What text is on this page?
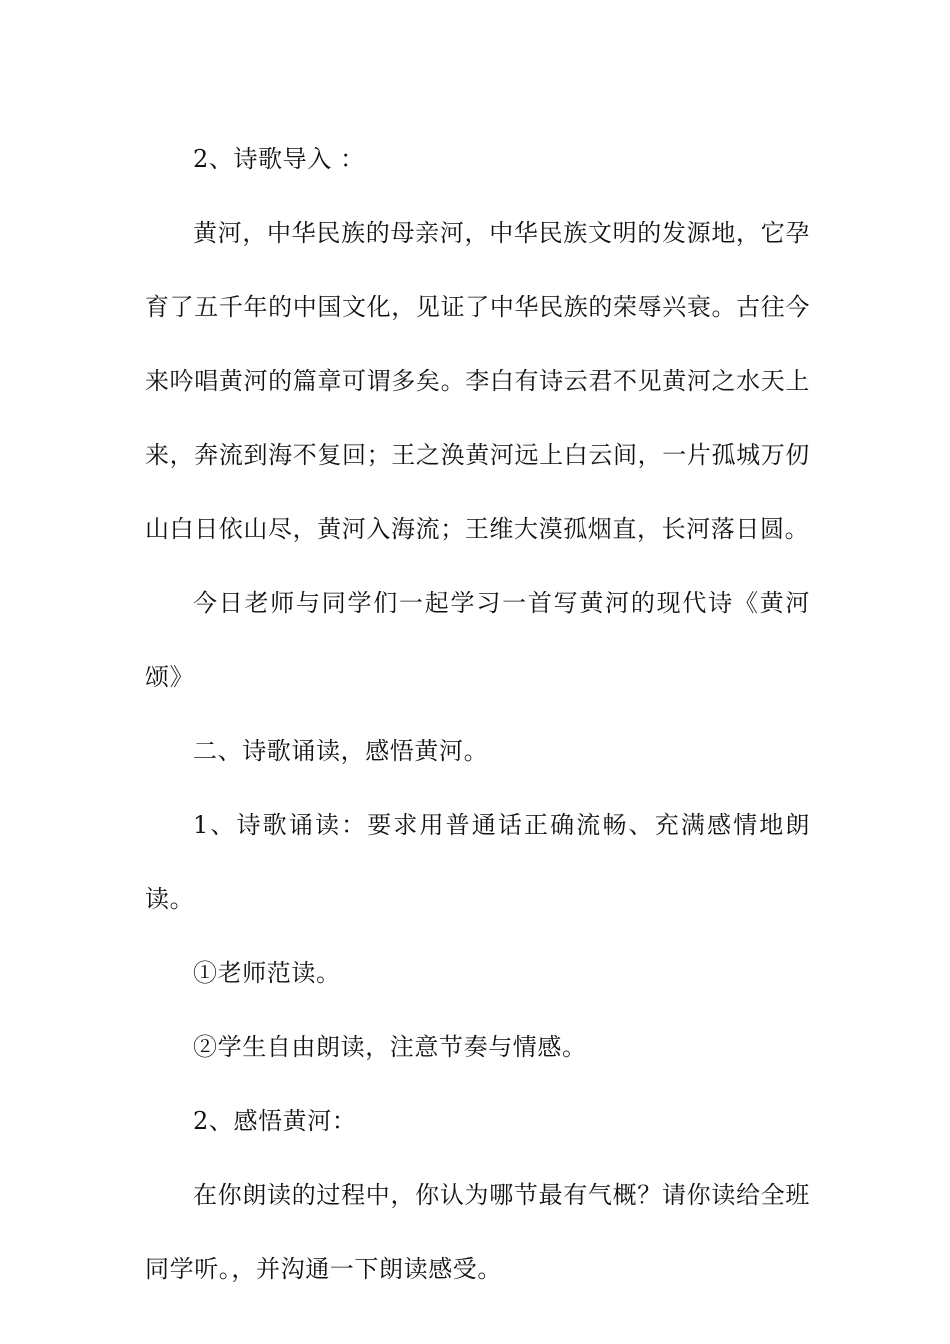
2、诗歌导入 ：

黄河，中华民族的母亲河，中华民族文明的发源地，它孕育了五千年的中国文化，见证了中华民族的荣辱兴衰。古往今来吟唱黄河的篇章可谓多矣。李白有诗云君不见黄河之水天上来，奔流到海不复回；王之涣黄河远上白云间，一片孤城万仞山白日依山尽，黄河入海流；王维大漠孤烟直，长河落日圆。

今日老师与同学们一起学习一首写黄河的现代诗《黄河颂》

二、诗歌诵读，感悟黄河。

1、诗歌诵读：要求用普通话正确流畅、充满感情地朗读。

①老师范读。

②学生自由朗读，注意节奏与情感。

2、感悟黄河：

在你朗读的过程中，你认为哪节最有气概？请你读给全班同学听。，并沟通一下朗读感受。
